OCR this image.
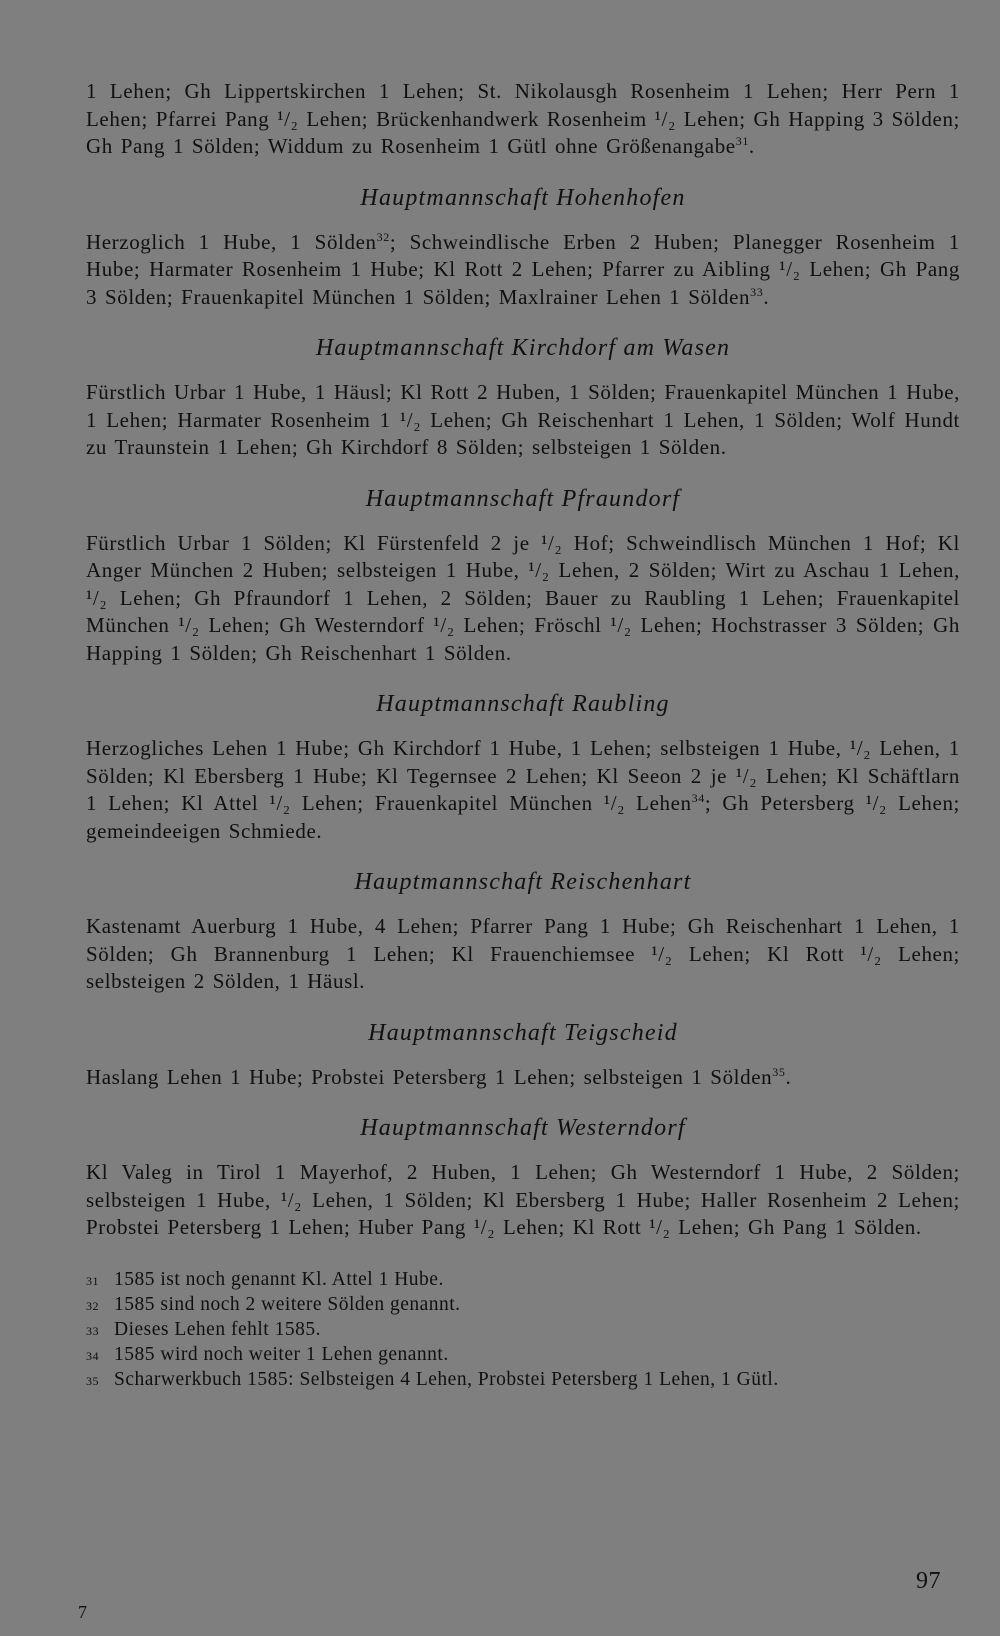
1 Lehen; Gh Lippertskirchen 1 Lehen; St. Nikolausgh Rosenheim 1 Lehen; Herr Pern 1 Lehen; Pfarrei Pang ¹/₂ Lehen; Brückenhandwerk Rosenheim ¹/₂ Lehen; Gh Happing 3 Sölden; Gh Pang 1 Sölden; Widdum zu Rosenheim 1 Gütl ohne Größenangabe$^{31}$.

Hauptmannschaft Hohenhofen

Herzoglich 1 Hube, 1 Sölden$^{32}$; Schweindlische Erben 2 Huben; Planegger Rosenheim 1 Hube; Harmater Rosenheim 1 Hube; Kl Rott 2 Lehen; Pfarrer zu Aibling ¹/₂ Lehen; Gh Pang 3 Sölden; Frauenkapitel München 1 Sölden; Maxlrainer Lehen 1 Sölden$^{33}$.

Hauptmannschaft Kirchdorf am Wasen

Fürstlich Urbar 1 Hube, 1 Häusl; Kl Rott 2 Huben, 1 Sölden; Frauenkapitel München 1 Hube, 1 Lehen; Harmater Rosenheim 1 ¹/₂ Lehen; Gh Reischenhart 1 Lehen, 1 Sölden; Wolf Hundt zu Traunstein 1 Lehen; Gh Kirchdorf 8 Sölden; selbsteigen 1 Sölden.

Hauptmannschaft Pfraundorf

Fürstlich Urbar 1 Sölden; Kl Fürstenfeld 2 je ¹/₂ Hof; Schweindlisch München 1 Hof; Kl Anger München 2 Huben; selbsteigen 1 Hube, ¹/₂ Lehen, 2 Sölden; Wirt zu Aschau 1 Lehen, ¹/₂ Lehen; Gh Pfraundorf 1 Lehen, 2 Sölden; Bauer zu Raubling 1 Lehen; Frauenkapitel München ¹/₂ Lehen; Gh Westerndorf ¹/₂ Lehen; Fröschl ¹/₂ Lehen; Hochstrasser 3 Sölden; Gh Happing 1 Sölden; Gh Reischenhart 1 Sölden.

Hauptmannschaft Raubling

Herzogliches Lehen 1 Hube; Gh Kirchdorf 1 Hube, 1 Lehen; selbsteigen 1 Hube, ¹/₂ Lehen, 1 Sölden; Kl Ebersberg 1 Hube; Kl Tegernsee 2 Lehen; Kl Seeon 2 je ¹/₂ Lehen; Kl Schäftlarn 1 Lehen; Kl Attel ¹/₂ Lehen; Frauenkapitel München ¹/₂ Lehen$^{34}$; Gh Petersberg ¹/₂ Lehen; gemeindeeigen Schmiede.

Hauptmannschaft Reischenhart

Kastenamt Auerburg 1 Hube, 4 Lehen; Pfarrer Pang 1 Hube; Gh Reischenhart 1 Lehen, 1 Sölden; Gh Brannenburg 1 Lehen; Kl Frauenchiemsee ¹/₂ Lehen; Kl Rott ¹/₂ Lehen; selbsteigen 2 Sölden, 1 Häusl.

Hauptmannschaft Teigscheid

Haslang Lehen 1 Hube; Probstei Petersberg 1 Lehen; selbsteigen 1 Sölden$^{35}$.

Hauptmannschaft Westerndorf

Kl Valeg in Tirol 1 Mayerhof, 2 Huben, 1 Lehen; Gh Westerndorf 1 Hube, 2 Sölden; selbsteigen 1 Hube, ¹/₂ Lehen, 1 Sölden; Kl Ebersberg 1 Hube; Haller Rosenheim 2 Lehen; Probstei Petersberg 1 Lehen; Huber Pang ¹/₂ Lehen; Kl Rott ¹/₂ Lehen; Gh Pang 1 Sölden.

31 1585 ist noch genannt Kl. Attel 1 Hube.
32 1585 sind noch 2 weitere Sölden genannt.
33 Dieses Lehen fehlt 1585.
34 1585 wird noch weiter 1 Lehen genannt.
35 Scharwerkbuch 1585: Selbsteigen 4 Lehen, Probstei Petersberg 1 Lehen, 1 Gütl.
97
7
